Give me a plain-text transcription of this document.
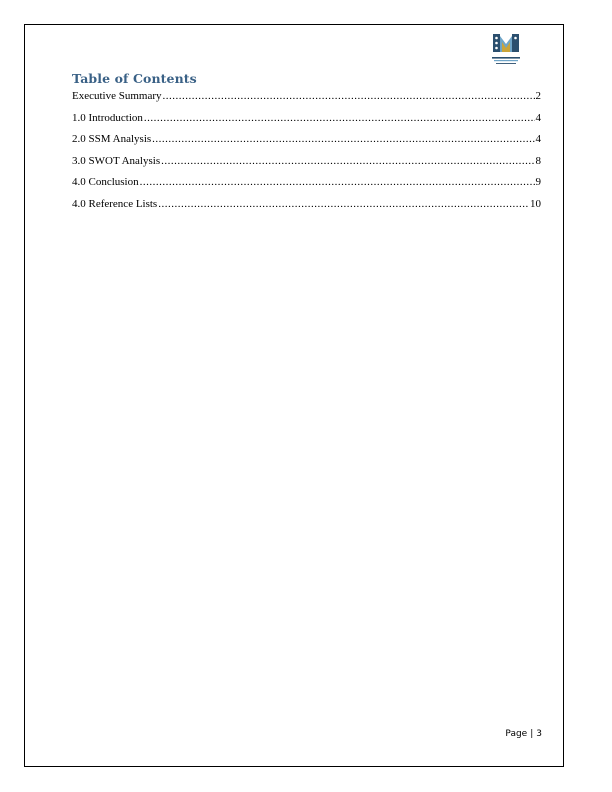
Table of Contents
Executive Summary .....	2
1.0 Introduction .....	4
2.0 SSM Analysis .....	4
3.0 SWOT Analysis .....	8
4.0 Conclusion .....	9
4.0 Reference Lists .....	10
Page | 3
